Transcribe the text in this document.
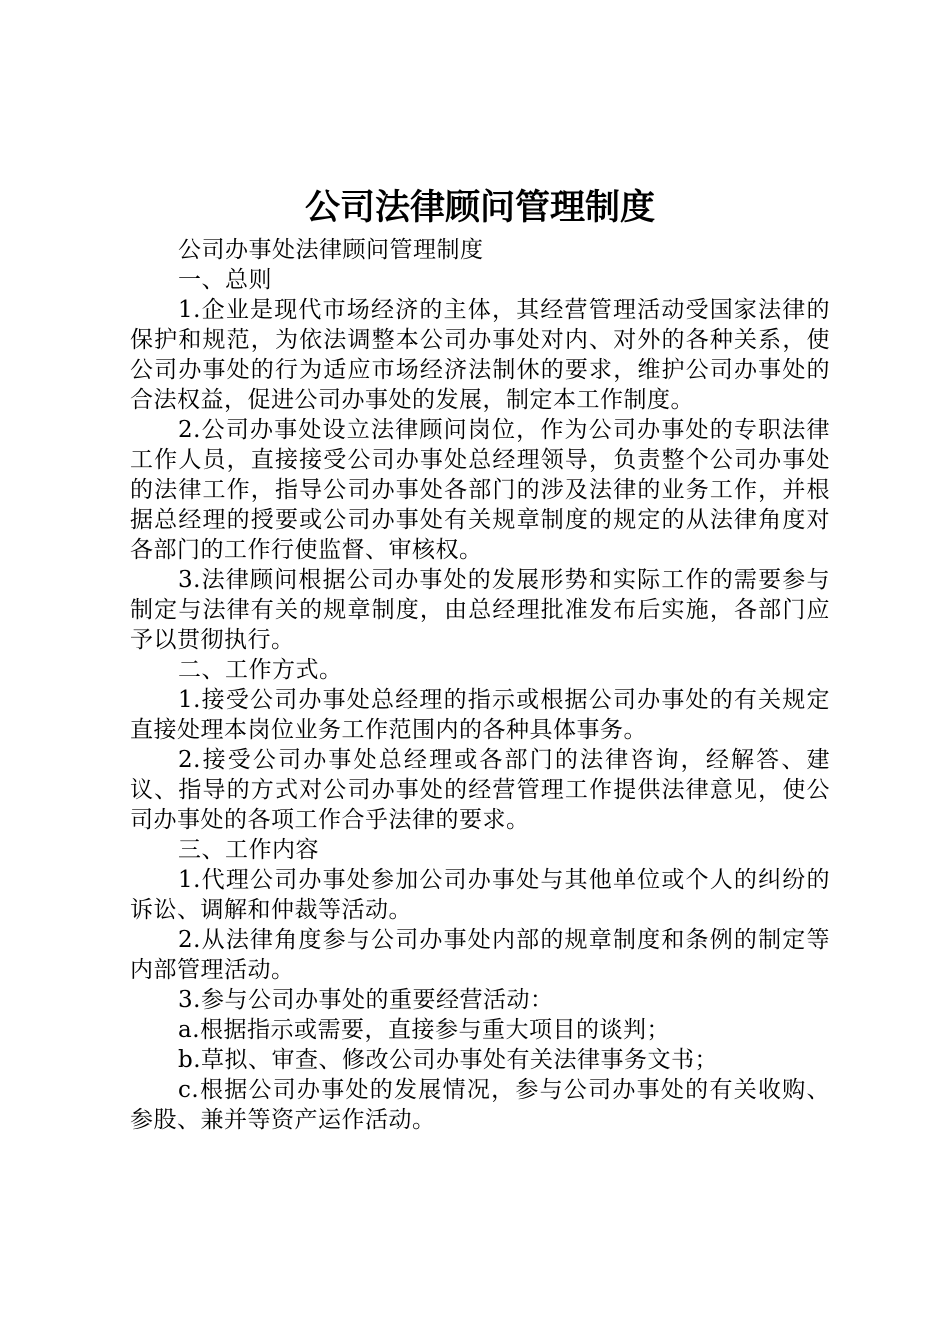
公司法律顾问管理制度

公司办事处法律顾问管理制度

一、总则

1.企业是现代市场经济的主体，其经营管理活动受国家法律的保护和规范，为依法调整本公司办事处对内、对外的各种关系，使公司办事处的行为适应市场经济法制休的要求，维护公司办事处的合法权益，促进公司办事处的发展，制定本工作制度。

2.公司办事处设立法律顾问岗位，作为公司办事处的专职法律工作人员，直接接受公司办事处总经理领导，负责整个公司办事处的法律工作，指导公司办事处各部门的涉及法律的业务工作，并根据总经理的授要或公司办事处有关规章制度的规定的从法律角度对各部门的工作行使监督、审核权。

3.法律顾问根据公司办事处的发展形势和实际工作的需要参与制定与法律有关的规章制度，由总经理批准发布后实施，各部门应予以贯彻执行。

二、工作方式。

1.接受公司办事处总经理的指示或根据公司办事处的有关规定直接处理本岗位业务工作范围内的各种具体事务。

2.接受公司办事处总经理或各部门的法律咨询，经解答、建议、指导的方式对公司办事处的经营管理工作提供法律意见，使公司办事处的各项工作合乎法律的要求。

三、工作内容

1.代理公司办事处参加公司办事处与其他单位或个人的纠纷的诉讼、调解和仲裁等活动。

2.从法律角度参与公司办事处内部的规章制度和条例的制定等内部管理活动。

3.参与公司办事处的重要经营活动：

a.根据指示或需要，直接参与重大项目的谈判；

b.草拟、审查、修改公司办事处有关法律事务文书；

c.根据公司办事处的发展情况，参与公司办事处的有关收购、参股、兼并等资产运作活动。
